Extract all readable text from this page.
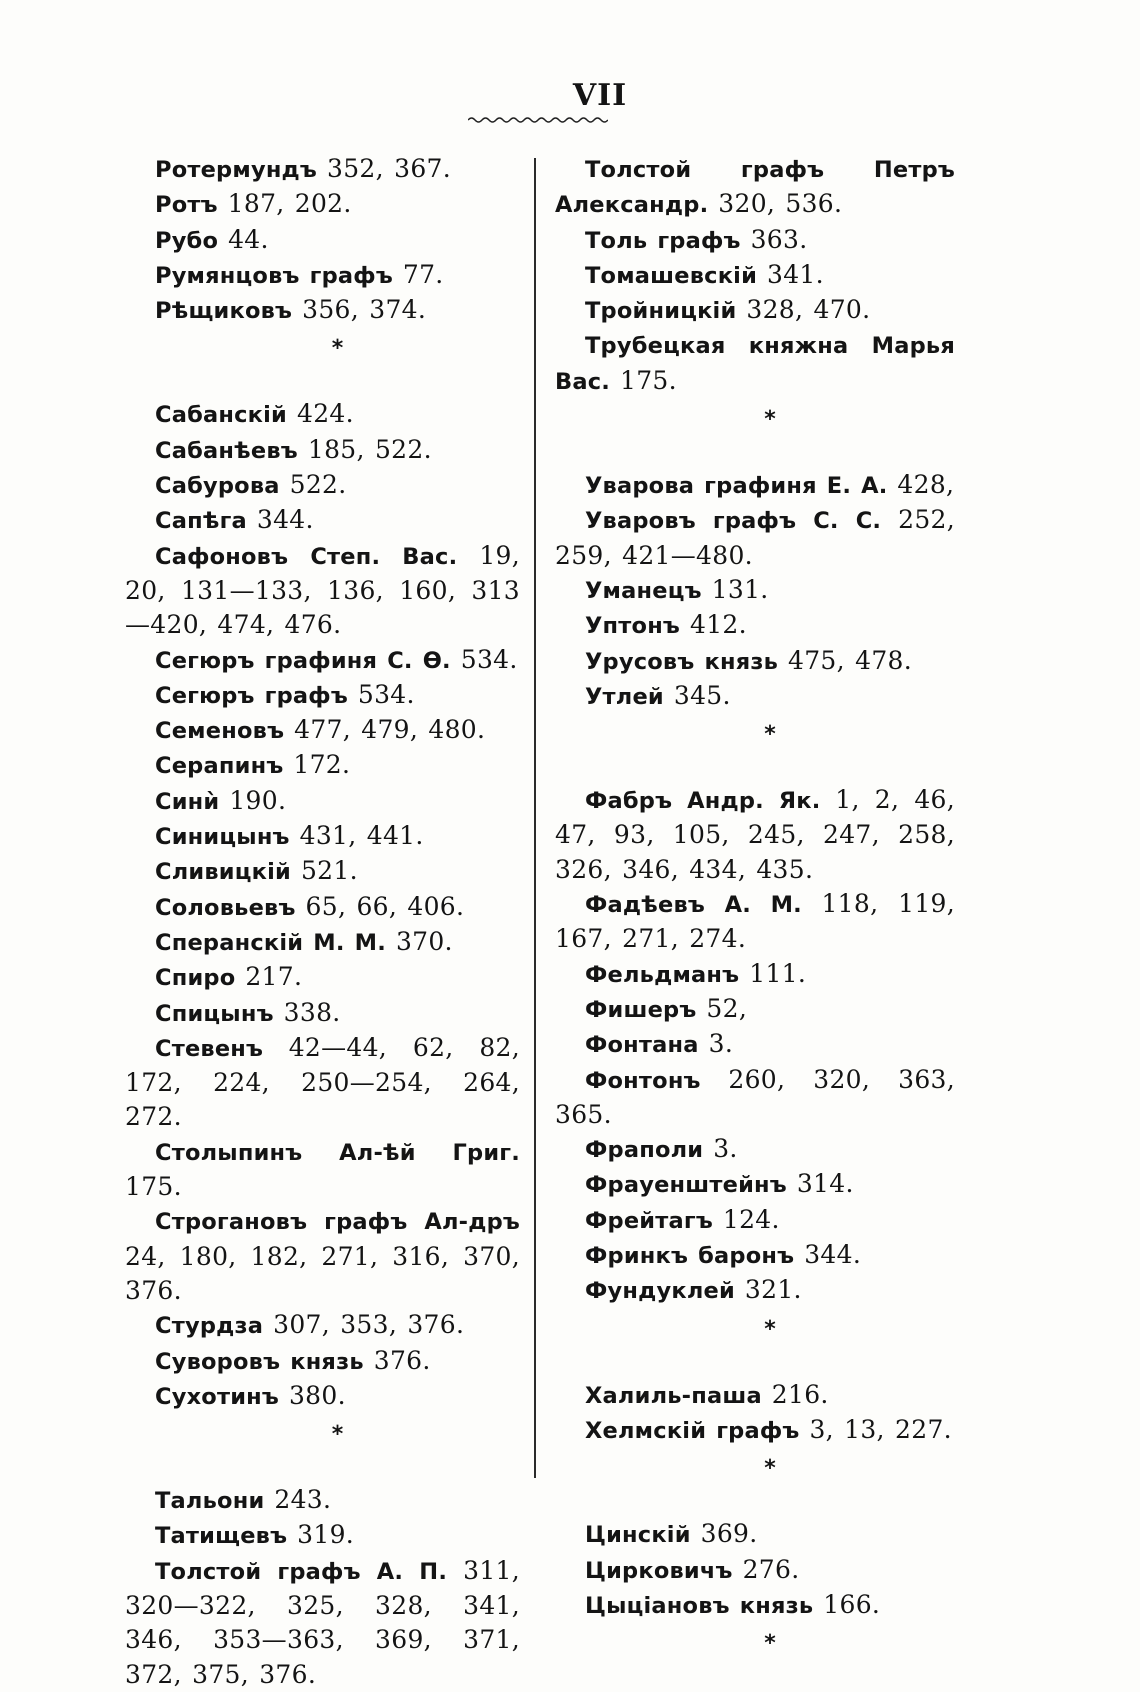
VII
Ротермундъ 352, 367.
Ротъ 187, 202.
Рубо 44.
Румянцовъ графъ 77.
Рѣщиковъ 356, 374.
*
Сабанскій 424.
Сабанѣевъ 185, 522.
Сабурова 522.
Сапѣга 344.
Сафоновъ Степ. Вас. 19, 20, 131—133, 136, 160, 313—420, 474, 476.
Сегюръ графиня С. Ѳ. 534.
Сегюръ графъ 534.
Семеновъ 477, 479, 480.
Серапинъ 172.
Синѝ 190.
Синицынъ 431, 441.
Сливицкій 521.
Соловьевъ 65, 66, 406.
Сперанскій М. М. 370.
Спиро 217.
Спицынъ 338.
Стевенъ 42—44, 62, 82, 172, 224, 250—254, 264, 272.
Столыпинъ Ал-ѣй Григ. 175.
Строгановъ графъ Ал-дръ 24, 180, 182, 271, 316, 370, 376.
Стурдза 307, 353, 376.
Суворовъ князь 376.
Сухотинъ 380.
*
Тальони 243.
Татищевъ 319.
Толстой графъ А. П. 311, 320—322, 325, 328, 341, 346, 353—363, 369, 371, 372, 375, 376.
Толстой графъ Петръ Александр. 320, 536.
Толь графъ 363.
Томашевскій 341.
Тройницкій 328, 470.
Трубецкая княжна Марья Вас. 175.
*
Уварова графиня Е. А. 428,
Уваровъ графъ С. С. 252, 259, 421—480.
Уманецъ 131.
Уптонъ 412.
Урусовъ князь 475, 478.
Утлей 345.
*
Фабръ Андр. Як. 1, 2, 46, 47, 93, 105, 245, 247, 258, 326, 346, 434, 435.
Фадѣевъ А. М. 118, 119, 167, 271, 274.
Фельдманъ 111.
Фишеръ 52,
Фонтана 3.
Фонтонъ 260, 320, 363, 365.
Фраполи 3.
Фрауенштейнъ 314.
Фрейтагъ 124.
Фринкъ баронъ 344.
Фундуклей 321.
*
Халиль-паша 216.
Хелмскій графъ 3, 13, 227.
*
Цинскій 369.
Цирковичъ 276.
Цыціановъ князь 166.
*
